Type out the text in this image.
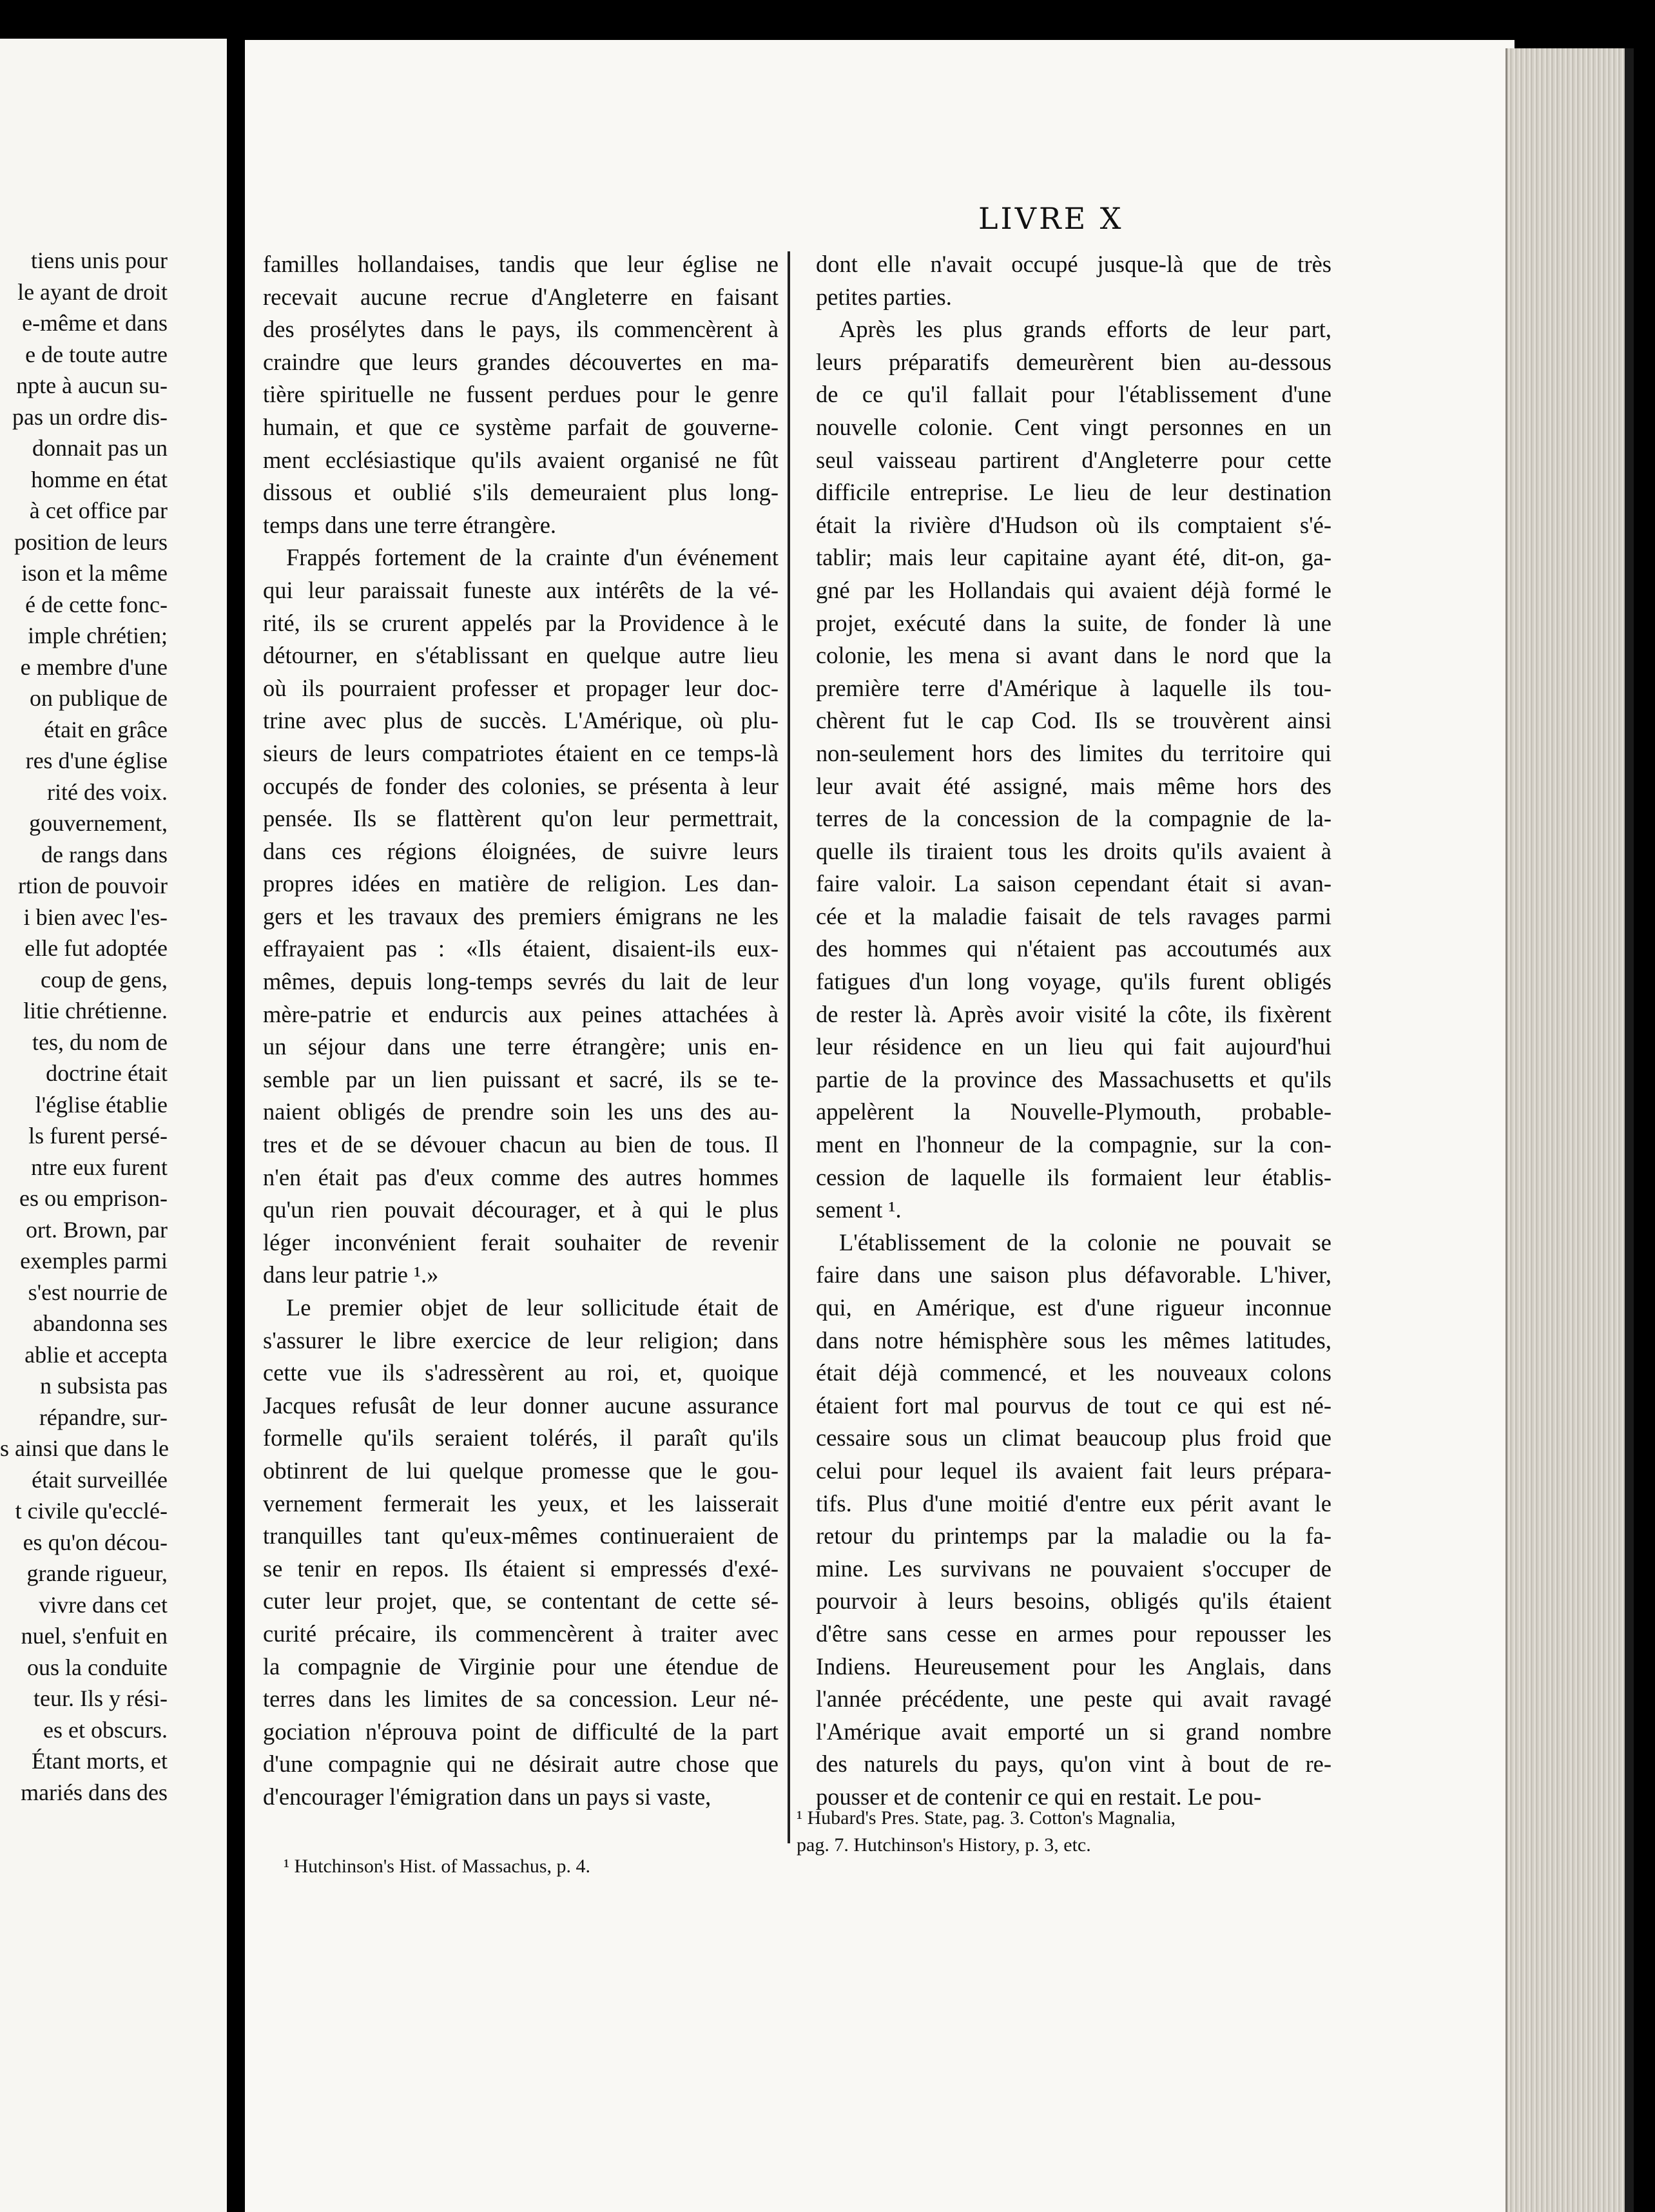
tiens unis pour
le ayant de droit
e-même et dans
e de toute autre
npte à aucun su-
pas un ordre dis-
donnait pas un
homme en état
à cet office par
position de leurs
ison et la même
é de cette fonc-
imple chrétien;
e membre d'une
on publique de
était en grâce
res d'une église
rité des voix.
gouvernement,
de rangs dans
rtion de pouvoir
i bien avec l'es-
elle fut adoptée
coup de gens,
litie chrétienne.
tes, du nom de
doctrine était
l'église établie
ls furent persé-
ntre eux furent
es ou emprison-
ort. Brown, par
exemples parmi
s'est nourrie de
abandonna ses
ablie et accepta
n subsista pas
répandre, sur-
s ainsi que dans le
était surveillée
t civile qu'ecclé-
es qu'on décou-
grande rigueur,
vivre dans cet
nuel, s'enfuit en
ous la conduite
teur. Ils y rési-
es et obscurs.
Étant morts, et
mariés dans des
LIVRE X
familles hollandaises, tandis que leur église ne
recevait aucune recrue d'Angleterre en faisant
des prosélytes dans le pays, ils commencèrent à
craindre que leurs grandes découvertes en ma-
tière spirituelle ne fussent perdues pour le genre
humain, et que ce système parfait de gouverne-
ment ecclésiastique qu'ils avaient organisé ne fût
dissous et oublié s'ils demeuraient plus long-
temps dans une terre étrangère.
Frappés fortement de la crainte d'un événement
qui leur paraissait funeste aux intérêts de la vé-
rité, ils se crurent appelés par la Providence à le
détourner, en s'établissant en quelque autre lieu
où ils pourraient professer et propager leur doc-
trine avec plus de succès. L'Amérique, où plu-
sieurs de leurs compatriotes étaient en ce temps-là
occupés de fonder des colonies, se présenta à leur
pensée. Ils se flattèrent qu'on leur permettrait,
dans ces régions éloignées, de suivre leurs
propres idées en matière de religion. Les dan-
gers et les travaux des premiers émigrans ne les
effrayaient pas : «Ils étaient, disaient-ils eux-
mêmes, depuis long-temps sevrés du lait de leur
mère-patrie et endurcis aux peines attachées à
un séjour dans une terre étrangère; unis en-
semble par un lien puissant et sacré, ils se te-
naient obligés de prendre soin les uns des au-
tres et de se dévouer chacun au bien de tous. Il
n'en était pas d'eux comme des autres hommes
qu'un rien pouvait décourager, et à qui le plus
léger inconvénient ferait souhaiter de revenir
dans leur patrie ¹.»
Le premier objet de leur sollicitude était de
s'assurer le libre exercice de leur religion; dans
cette vue ils s'adressèrent au roi, et, quoique
Jacques refusât de leur donner aucune assurance
formelle qu'ils seraient tolérés, il paraît qu'ils
obtinrent de lui quelque promesse que le gou-
vernement fermerait les yeux, et les laisserait
tranquilles tant qu'eux-mêmes continueraient de
se tenir en repos. Ils étaient si empressés d'exé-
cuter leur projet, que, se contentant de cette sé-
curité précaire, ils commencèrent à traiter avec
la compagnie de Virginie pour une étendue de
terres dans les limites de sa concession. Leur né-
gociation n'éprouva point de difficulté de la part
d'une compagnie qui ne désirait autre chose que
d'encourager l'émigration dans un pays si vaste,
dont elle n'avait occupé jusque-là que de très
petites parties.
Après les plus grands efforts de leur part,
leurs préparatifs demeurèrent bien au-dessous
de ce qu'il fallait pour l'établissement d'une
nouvelle colonie. Cent vingt personnes en un
seul vaisseau partirent d'Angleterre pour cette
difficile entreprise. Le lieu de leur destination
était la rivière d'Hudson où ils comptaient s'é-
tablir; mais leur capitaine ayant été, dit-on, ga-
gné par les Hollandais qui avaient déjà formé le
projet, exécuté dans la suite, de fonder là une
colonie, les mena si avant dans le nord que la
première terre d'Amérique à laquelle ils tou-
chèrent fut le cap Cod. Ils se trouvèrent ainsi
non-seulement hors des limites du territoire qui
leur avait été assigné, mais même hors des
terres de la concession de la compagnie de la-
quelle ils tiraient tous les droits qu'ils avaient à
faire valoir. La saison cependant était si avan-
cée et la maladie faisait de tels ravages parmi
des hommes qui n'étaient pas accoutumés aux
fatigues d'un long voyage, qu'ils furent obligés
de rester là. Après avoir visité la côte, ils fixèrent
leur résidence en un lieu qui fait aujourd'hui
partie de la province des Massachusetts et qu'ils
appelèrent la Nouvelle-Plymouth, probable-
ment en l'honneur de la compagnie, sur la con-
cession de laquelle ils formaient leur établis-
sement ¹.
L'établissement de la colonie ne pouvait se
faire dans une saison plus défavorable. L'hiver,
qui, en Amérique, est d'une rigueur inconnue
dans notre hémisphère sous les mêmes latitudes,
était déjà commencé, et les nouveaux colons
étaient fort mal pourvus de tout ce qui est né-
cessaire sous un climat beaucoup plus froid que
celui pour lequel ils avaient fait leurs prépara-
tifs. Plus d'une moitié d'entre eux périt avant le
retour du printemps par la maladie ou la fa-
mine. Les survivans ne pouvaient s'occuper de
pourvoir à leurs besoins, obligés qu'ils étaient
d'être sans cesse en armes pour repousser les
Indiens. Heureusement pour les Anglais, dans
l'année précédente, une peste qui avait ravagé
l'Amérique avait emporté un si grand nombre
des naturels du pays, qu'on vint à bout de re-
pousser et de contenir ce qui en restait. Le pou-
¹ Hutchinson's Hist. of Massachus, p. 4.
¹ Hubard's Pres. State, pag. 3. Cotton's Magnalia,
pag. 7. Hutchinson's History, p. 3, etc.
